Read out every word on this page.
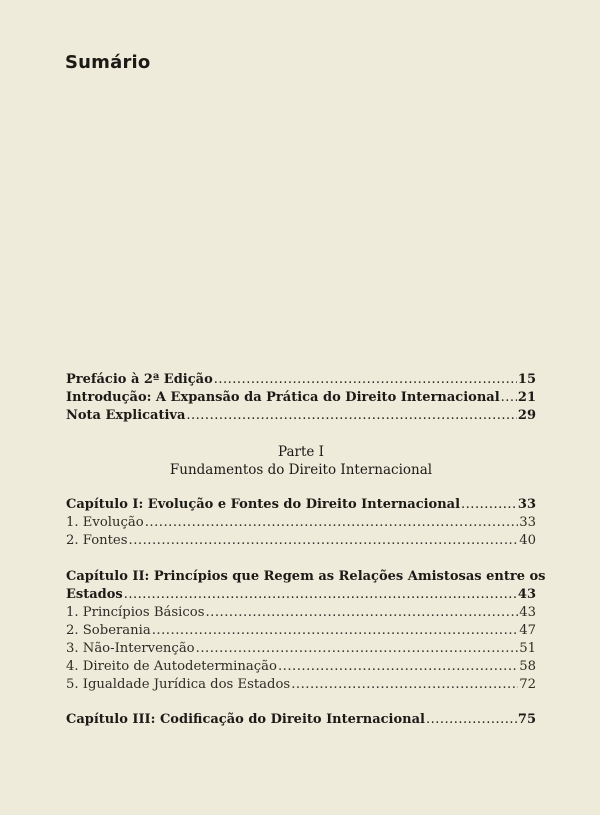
Sumário
Prefácio à 2ª Edição .....	15
Introdução: A Expansão da Prática do Direito Internacional ..... 21
Nota Explicativa .....	29
Parte I
Fundamentos do Direito Internacional
Capítulo I: Evolução e Fontes do Direito Internacional .....	33
1. Evolução .....	33
2. Fontes .....	40
Capítulo II: Princípios que Regem as Relações Amistosas entre os
Estados .....	43
1. Princípios Básicos .....	43
2. Soberania .....	47
3. Não-Intervenção .....	51
4. Direito de Autodeterminação .....	58
5. Igualdade Jurídica dos Estados .....	72
Capítulo III: Codificação do Direito Internacional .....	75
